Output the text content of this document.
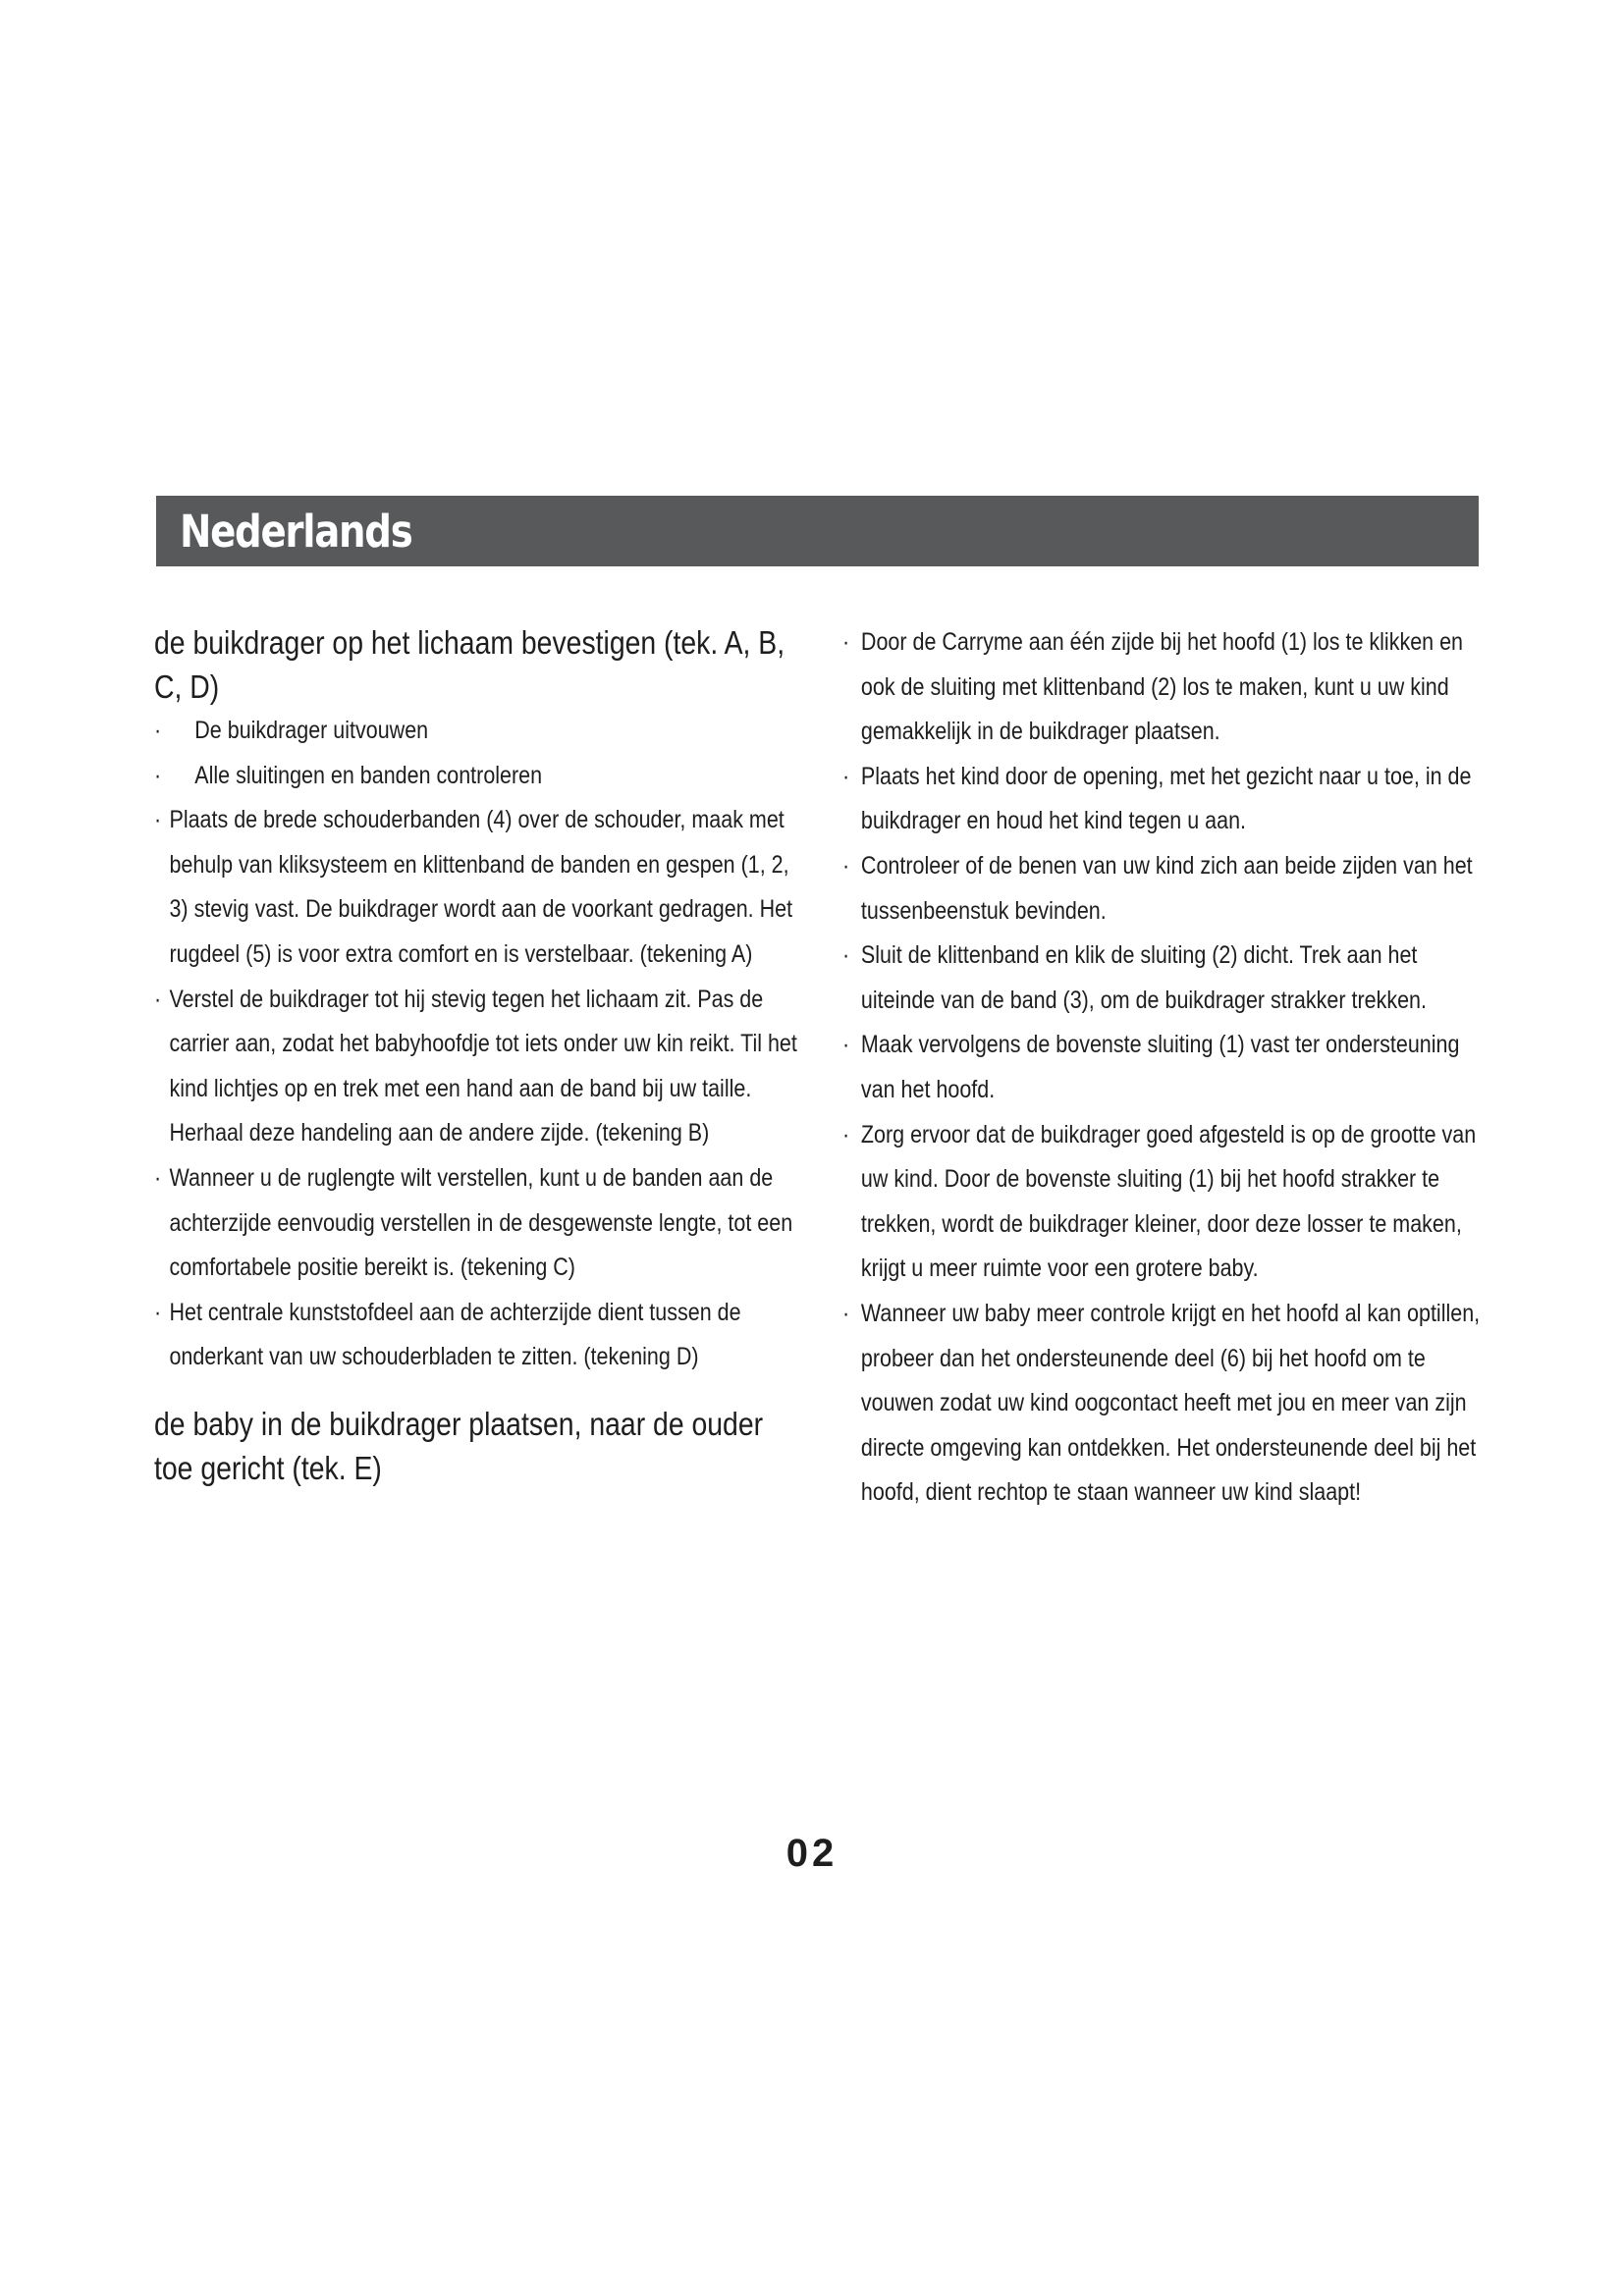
Nederlands
de buikdrager op het lichaam bevestigen (tek. A, B, C, D)
·	De buikdrager uitvouwen
·	Alle sluitingen en banden controleren
· Plaats de brede schouderbanden (4) over de schouder, maak met behulp van kliksysteem en klittenband de banden en gespen (1, 2, 3) stevig vast. De buikdrager wordt aan de voorkant gedragen. Het rugdeel (5) is voor extra comfort en is verstelbaar. (tekening A)
· Verstel de buikdrager tot hij stevig tegen het lichaam zit. Pas de carrier aan, zodat het babyhoofdje tot iets onder uw kin reikt. Til het kind lichtjes op en trek met een hand aan de band bij uw taille. Herhaal deze handeling aan de andere zijde. (tekening B)
· Wanneer u de ruglengte wilt verstellen, kunt u de banden aan de achterzijde eenvoudig verstellen in de desgewenste lengte, tot een comfortabele positie bereikt is. (tekening C)
· Het centrale kunststofdeel aan de achterzijde dient tussen de onderkant van uw schouderbladen te zitten. (tekening D)
de baby in de buikdrager plaatsen, naar de ouder toe gericht (tek. E)
· Door de Carryme aan één zijde bij het hoofd (1) los te klikken en ook de sluiting met klittenband (2) los te maken, kunt u uw kind gemakkelijk in de buikdrager plaatsen.
· Plaats het kind door de opening, met het gezicht naar u toe, in de buikdrager en houd het kind tegen u aan.
· Controleer of de benen van uw kind zich aan beide zijden van het tussenbeenstuk bevinden.
· Sluit de klittenband en klik de sluiting (2) dicht. Trek aan het uiteinde van de band (3), om de buikdrager strakker trekken.
· Maak vervolgens de bovenste sluiting (1) vast ter ondersteuning van het hoofd.
· Zorg ervoor dat de buikdrager goed afgesteld is op de grootte van uw kind. Door de bovenste sluiting (1) bij het hoofd strakker te trekken, wordt de buikdrager kleiner, door deze losser te maken, krijgt u meer ruimte voor een grotere baby.
· Wanneer uw baby meer controle krijgt en het hoofd al kan optillen, probeer dan het ondersteunende deel (6) bij het hoofd om te vouwen zodat uw kind oogcontact heeft met jou en meer van zijn directe omgeving kan ontdekken. Het ondersteunende deel bij het hoofd, dient rechtop te staan wanneer uw kind slaapt!
02
